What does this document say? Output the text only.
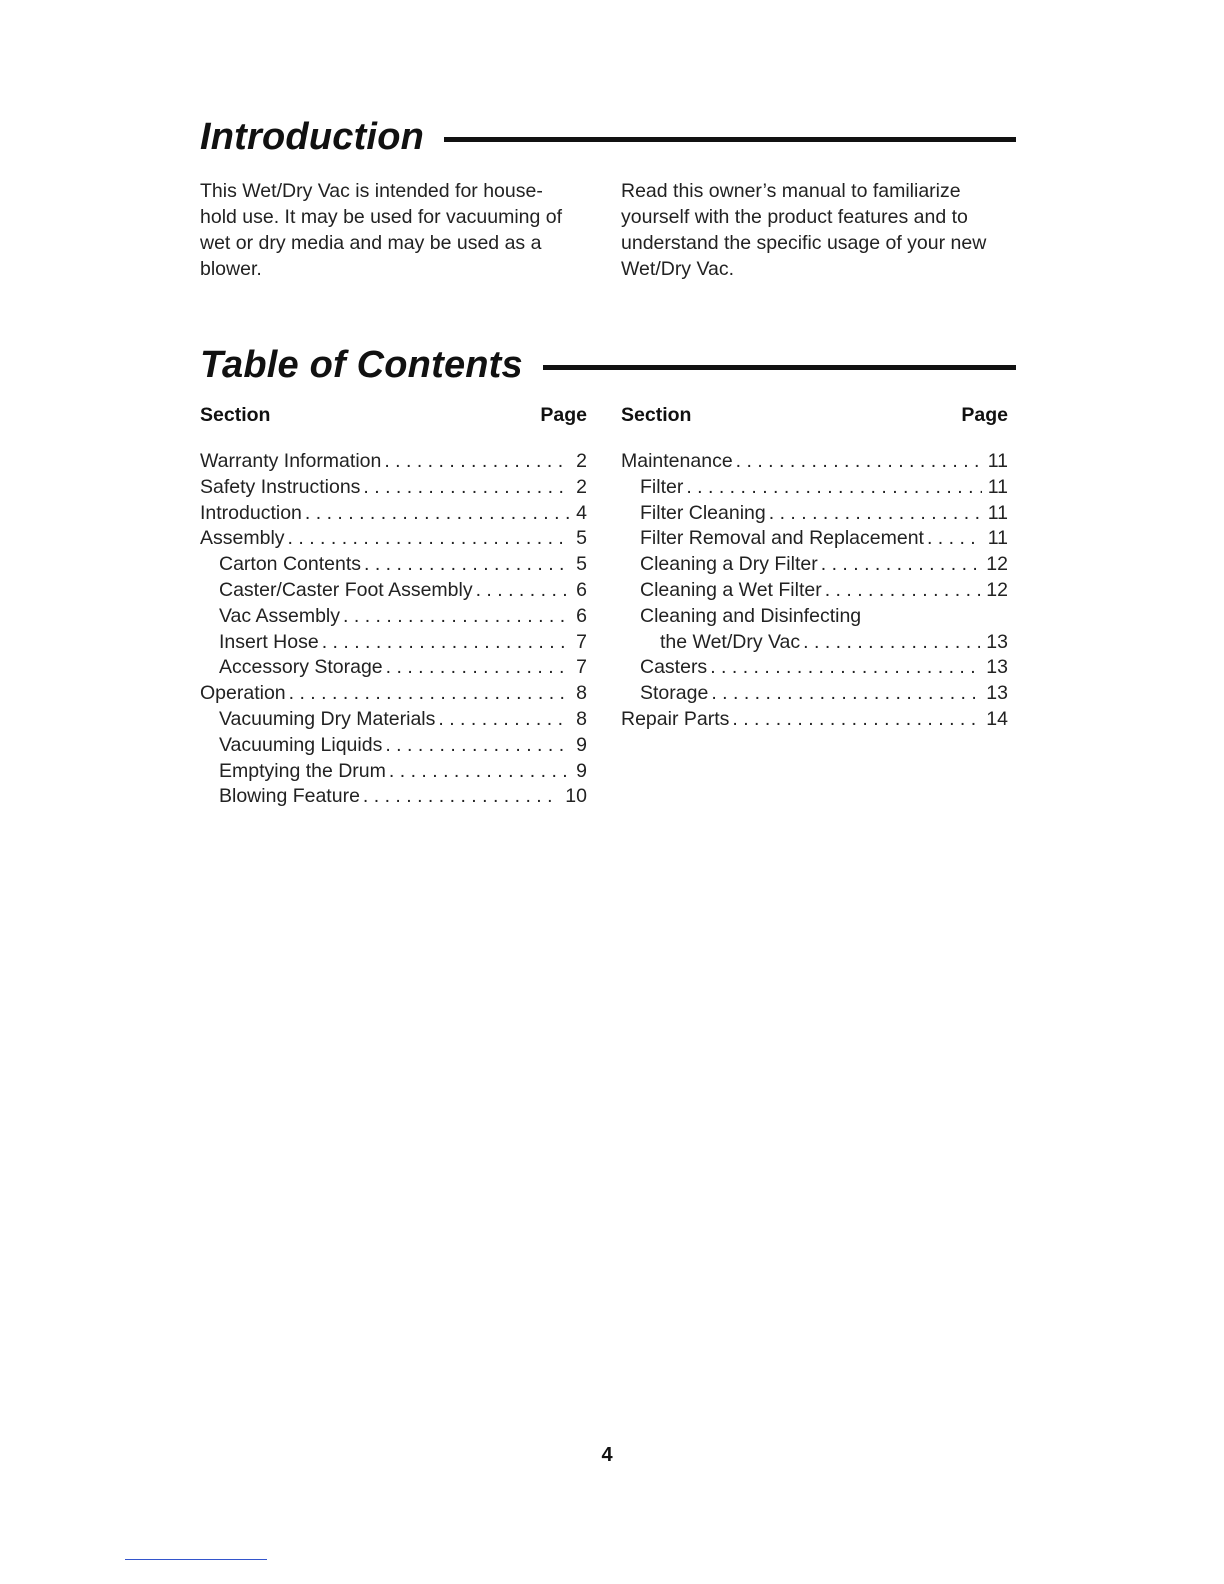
Introduction
This Wet/Dry Vac is intended for house-
hold use. It may be used for vacuuming of
wet or dry media and may be used as a
blower.
Read this owner’s manual to familiarize
yourself with the product features and to
understand the specific usage of your new
Wet/Dry Vac.
Table of Contents
Section	Page
Warranty Information . . .	2
Safety Instructions . . .	2
Introduction . . .	4
Assembly . . .	5
Carton Contents . . .	5
Caster/Caster Foot Assembly . . .	6
Vac Assembly . . .	6
Insert Hose . . .	7
Accessory Storage . . .	7
Operation . . .	8
Vacuuming Dry Materials . . .	8
Vacuuming Liquids . . .	9
Emptying the Drum . . .	9
Blowing Feature . . .	10
Section	Page
Maintenance . . .	11
Filter . . .	11
Filter Cleaning . . .	11
Filter Removal and Replacement . . .	11
Cleaning a Dry Filter . . .	12
Cleaning a Wet Filter . . .	12
Cleaning and Disinfecting
the Wet/Dry Vac . . .	13
Casters . . .	13
Storage . . .	13
Repair Parts . . .	14
4
